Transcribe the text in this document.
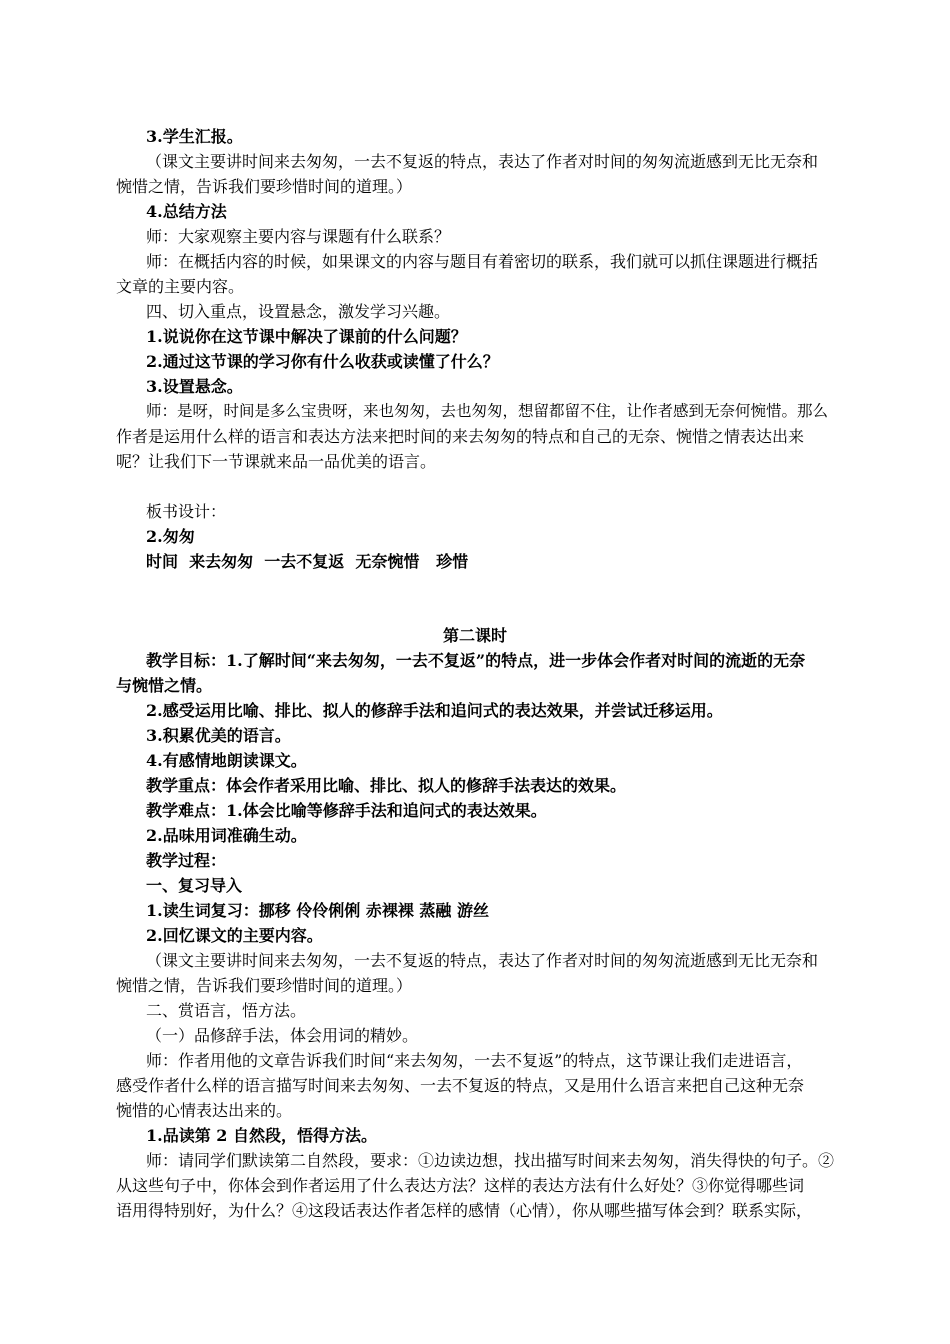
3.学生汇报。
（课文主要讲时间来去匆匆，一去不复返的特点，表达了作者对时间的匆匆流逝感到无比无奈和
惋惜之情，告诉我们要珍惜时间的道理。）
4.总结方法
师：大家观察主要内容与课题有什么联系？
师：在概括内容的时候，如果课文的内容与题目有着密切的联系，我们就可以抓住课题进行概括
文章的主要内容。
四、切入重点，设置悬念，激发学习兴趣。
1.说说你在这节课中解决了课前的什么问题？
2.通过这节课的学习你有什么收获或读懂了什么？
3.设置悬念。
师：是呀，时间是多么宝贵呀，来也匆匆，去也匆匆，想留都留不住，让作者感到无奈何惋惜。那么
作者是运用什么样的语言和表达方法来把时间的来去匆匆的特点和自己的无奈、惋惜之情表达出来
呢？让我们下一节课就来品一品优美的语言。
板书设计：
2.匆匆
时间  来去匆匆  一去不复返  无奈惋惜   珍惜
第二课时
教学目标：1.了解时间“来去匆匆，一去不复返”的特点，进一步体会作者对时间的流逝的无奈
与惋惜之情。
2.感受运用比喻、排比、拟人的修辞手法和追问式的表达效果，并尝试迁移运用。
3.积累优美的语言。
4.有感情地朗读课文。
教学重点：体会作者采用比喻、排比、拟人的修辞手法表达的效果。
教学难点：1.体会比喻等修辞手法和追问式的表达效果。
2.品味用词准确生动。
教学过程：
一、复习导入
1.读生词复习：挪移 伶伶俐俐 赤裸裸 蒸融 游丝
2.回忆课文的主要内容。
（课文主要讲时间来去匆匆，一去不复返的特点，表达了作者对时间的匆匆流逝感到无比无奈和
惋惜之情，告诉我们要珍惜时间的道理。）
二、赏语言，悟方法。
（一）品修辞手法，体会用词的精妙。
师：作者用他的文章告诉我们时间“来去匆匆，一去不复返”的特点，这节课让我们走进语言，
感受作者什么样的语言描写时间来去匆匆、一去不复返的特点，又是用什么语言来把自己这种无奈
惋惜的心情表达出来的。
1.品读第 2 自然段，悟得方法。
师：请同学们默读第二自然段，要求：①边读边想，找出描写时间来去匆匆，消失得快的句子。②
从这些句子中，你体会到作者运用了什么表达方法？这样的表达方法有什么好处？③你觉得哪些词
语用得特别好，为什么？④这段话表达作者怎样的感情（心情），你从哪些描写体会到？联系实际，
